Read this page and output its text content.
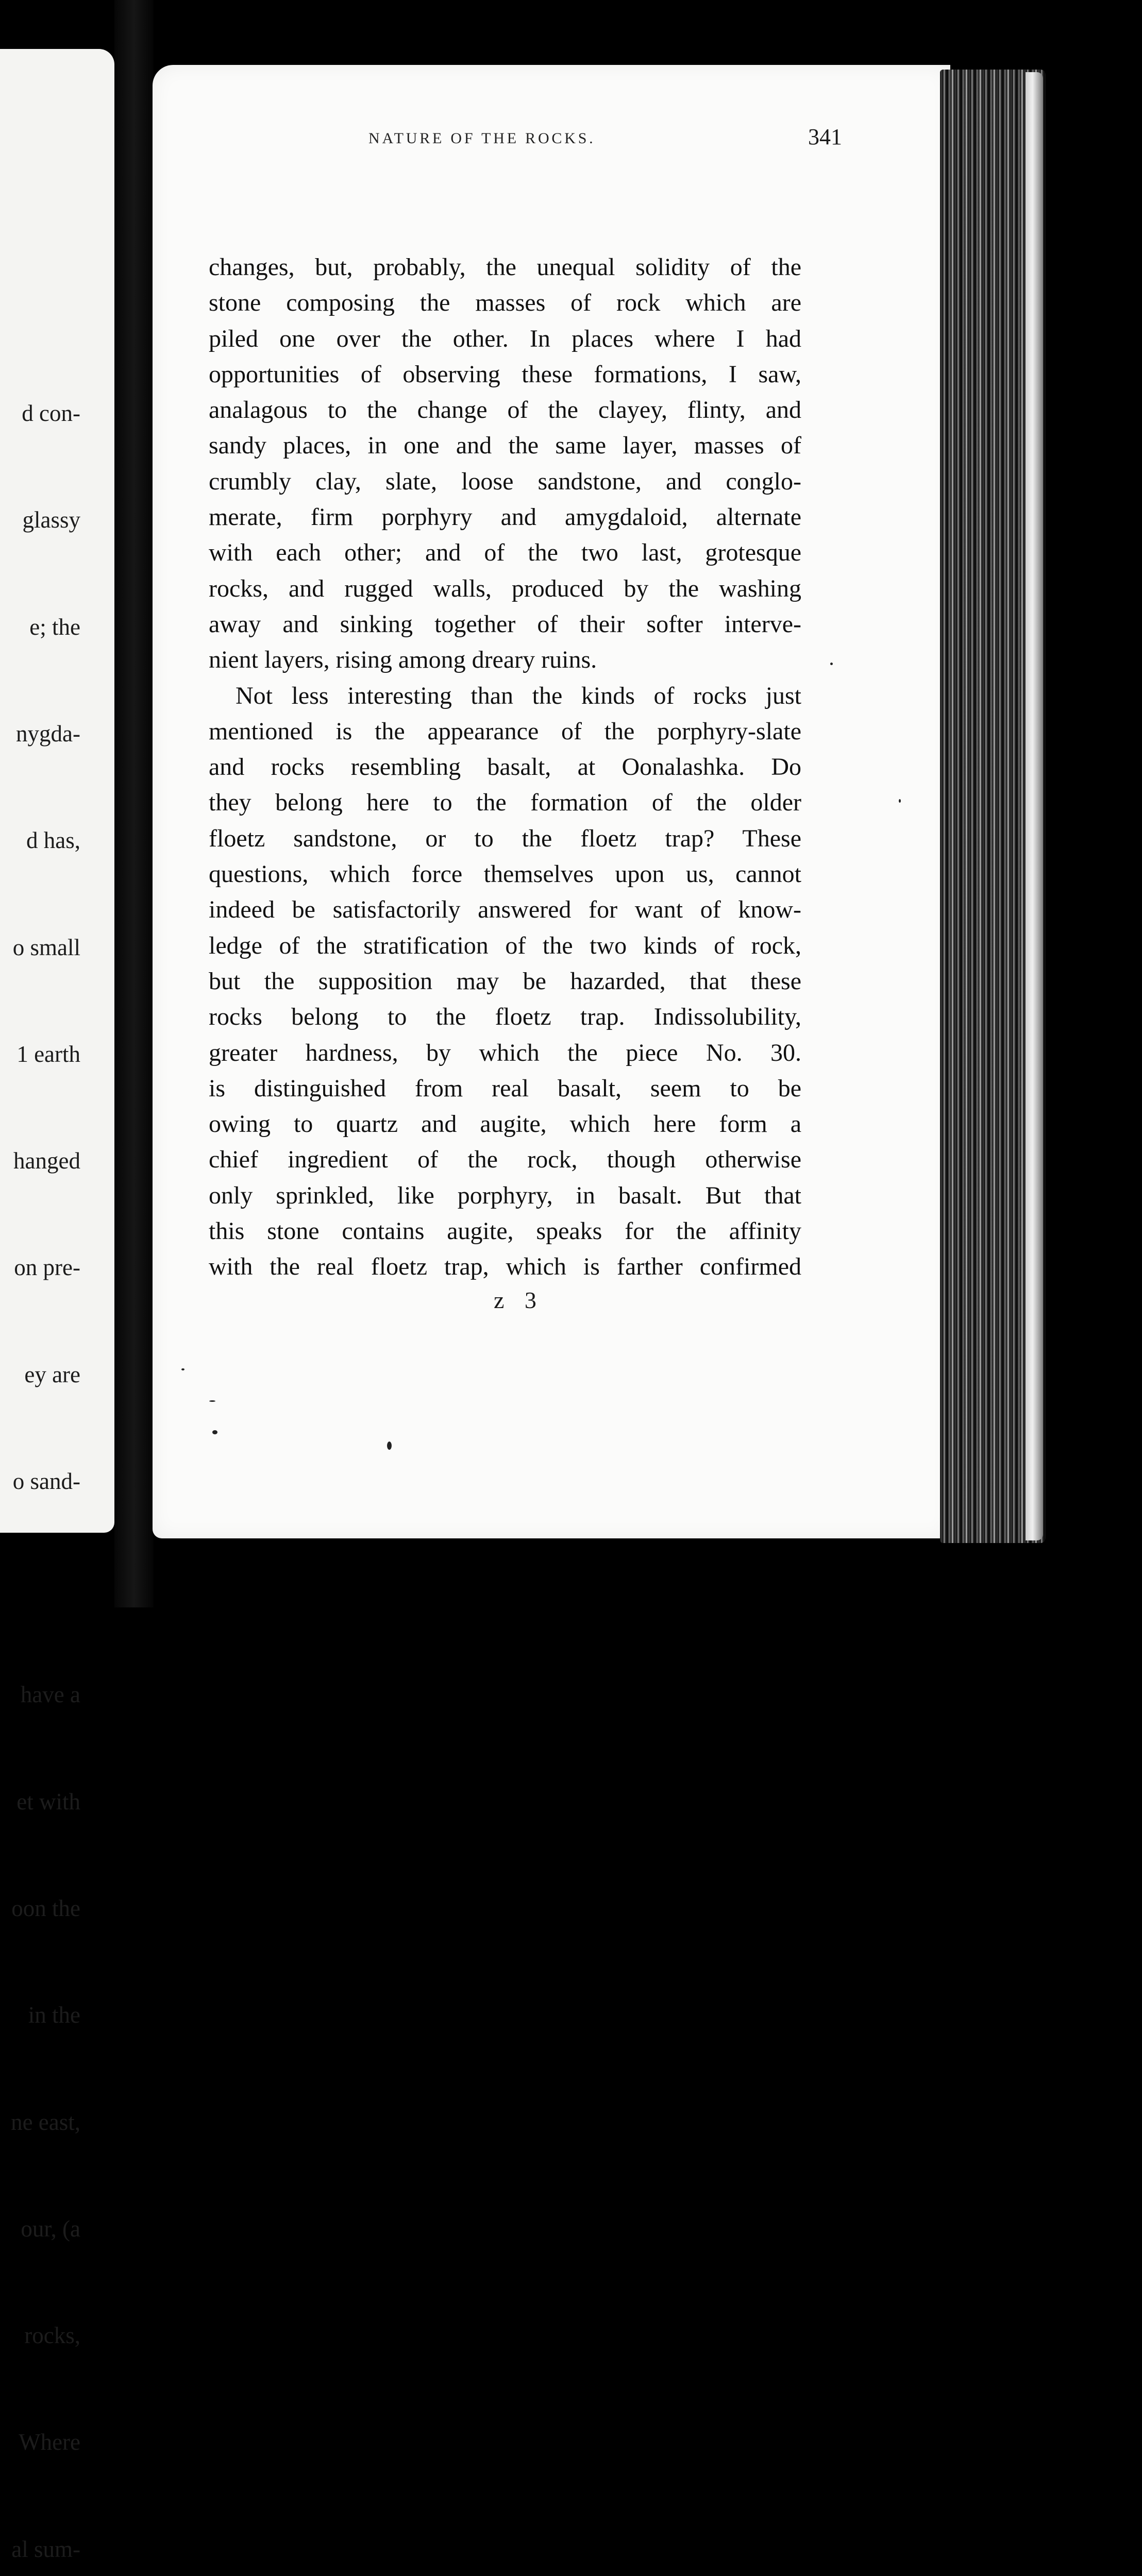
d con-

glassy

e; the

nygda-

d has,

o small

1 earth

hanged

on pre-

ey are

o sand-

have a

et with

oon the

in the

ne east,

our, (a

rocks,

Where

al sum-

NATURE OF THE ROCKS.	341
changes, but, probably, the unequal solidity of the
stone composing the masses of rock which are
piled one over the other. In places where I had
opportunities of observing these formations, I saw,
analagous to the change of the clayey, flinty, and
sandy places, in one and the same layer, masses of
crumbly clay, slate, loose sandstone, and conglo-
merate, firm porphyry and amygdaloid, alternate
with each other; and of the two last, grotesque
rocks, and rugged walls, produced by the washing
away and sinking together of their softer interve-
nient layers, rising among dreary ruins.
Not less interesting than the kinds of rocks just
mentioned is the appearance of the porphyry-slate
and rocks resembling basalt, at Oonalashka. Do
they belong here to the formation of the older
floetz sandstone, or to the floetz trap? These
questions, which force themselves upon us, cannot
indeed be satisfactorily answered for want of know-
ledge of the stratification of the two kinds of rock,
but the supposition may be hazarded, that these
rocks belong to the floetz trap. Indissolubility,
greater hardness, by which the piece No. 30.
is distinguished from real basalt, seem to be
owing to quartz and augite, which here form a
chief ingredient of the rock, though otherwise
only sprinkled, like porphyry, in basalt. But that
this stone contains augite, speaks for the affinity
with the real floetz trap, which is farther confirmed
z 3
